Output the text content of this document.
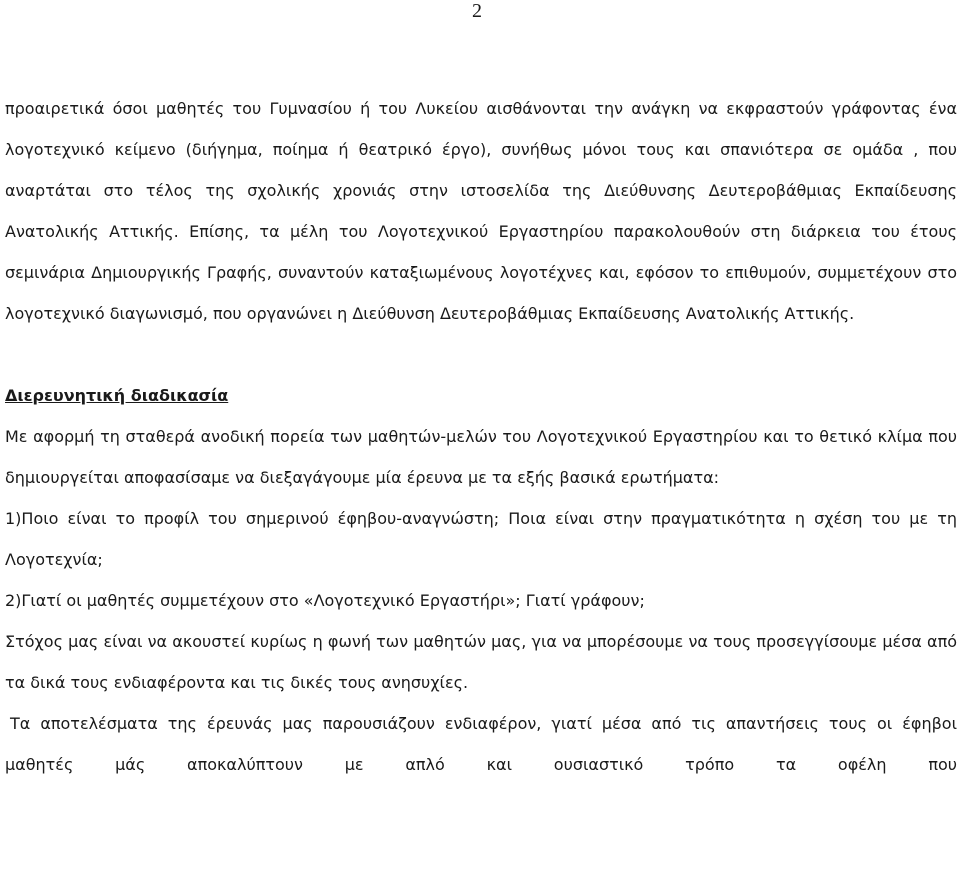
2

προαιρετικά όσοι μαθητές του Γυμνασίου ή του Λυκείου αισθάνονται την ανάγκη να εκφραστούν γράφοντας ένα λογοτεχνικό κείμενο (διήγημα, ποίημα ή θεατρικό έργο), συνήθως μόνοι τους και σπανιότερα σε ομάδα , που αναρτάται στο τέλος της σχολικής χρονιάς στην ιστοσελίδα της Διεύθυνσης Δευτεροβάθμιας Εκπαίδευσης Ανατολικής Αττικής. Επίσης, τα μέλη του Λογοτεχνικού Εργαστηρίου παρακολουθούν στη διάρκεια του έτους σεμινάρια Δημιουργικής Γραφής, συναντούν καταξιωμένους λογοτέχνες και, εφόσον το επιθυμούν, συμμετέχουν στο λογοτεχνικό διαγωνισμό, που οργανώνει η Διεύθυνση Δευτεροβάθμιας Εκπαίδευσης Ανατολικής Αττικής.

Διερευνητική διαδικασία

Με αφορμή τη σταθερά ανοδική πορεία των μαθητών-μελών του Λογοτεχνικού Εργαστηρίου και το θετικό κλίμα που δημιουργείται αποφασίσαμε να διεξαγάγουμε μία έρευνα με τα εξής βασικά ερωτήματα:

1)Ποιο είναι το προφίλ του σημερινού έφηβου-αναγνώστη; Ποια είναι στην πραγματικότητα η σχέση του με τη Λογοτεχνία;

2)Γιατί οι μαθητές συμμετέχουν στο «Λογοτεχνικό Εργαστήρι»; Γιατί γράφουν;

Στόχος μας είναι να ακουστεί κυρίως η φωνή των μαθητών μας, για να μπορέσουμε να τους προσεγγίσουμε μέσα από τα δικά τους ενδιαφέροντα και τις δικές τους ανησυχίες.

Τα αποτελέσματα της έρευνάς μας παρουσιάζουν ενδιαφέρον, γιατί μέσα από τις απαντήσεις τους οι έφηβοι μαθητές μάς αποκαλύπτουν με απλό και ουσιαστικό τρόπο τα οφέλη που
